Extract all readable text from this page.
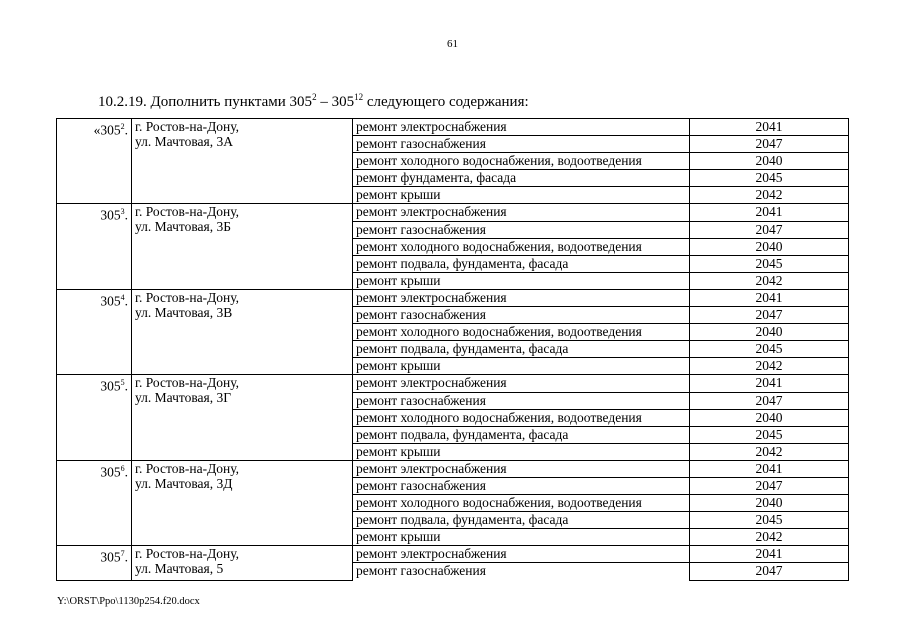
61
10.2.19. Дополнить пунктами $305^2 - 305^{12}$ следующего содержания:
«$305^2$.	г. Ростов-на-Дону,
ул. Мачтовая, 3А	ремонт электроснабжения	2041
		ремонт газоснабжения	2047
		ремонт холодного водоснабжения, водоотведения	2040
		ремонт фундамента, фасада	2045
		ремонт крыши	2042
$305^3$.	г. Ростов-на-Дону,
ул. Мачтовая, 3Б	ремонт электроснабжения	2041
		ремонт газоснабжения	2047
		ремонт холодного водоснабжения, водоотведения	2040
		ремонт подвала, фундамента, фасада	2045
		ремонт крыши	2042
$305^4$.	г. Ростов-на-Дону,
ул. Мачтовая, 3В	ремонт электроснабжения	2041
		ремонт газоснабжения	2047
		ремонт холодного водоснабжения, водоотведения	2040
		ремонт подвала, фундамента, фасада	2045
		ремонт крыши	2042
$305^5$.	г. Ростов-на-Дону,
ул. Мачтовая, 3Г	ремонт электроснабжения	2041
		ремонт газоснабжения	2047
		ремонт холодного водоснабжения, водоотведения	2040
		ремонт подвала, фундамента, фасада	2045
		ремонт крыши	2042
$305^6$.	г. Ростов-на-Дону,
ул. Мачтовая, 3Д	ремонт электроснабжения	2041
		ремонт газоснабжения	2047
		ремонт холодного водоснабжения, водоотведения	2040
		ремонт подвала, фундамента, фасада	2045
		ремонт крыши	2042
$305^7$.	г. Ростов-на-Дону,
ул. Мачтовая, 5	ремонт электроснабжения	2041
		ремонт газоснабжения	2047
Y:\ORST\Ppo\1130p254.f20.docx
